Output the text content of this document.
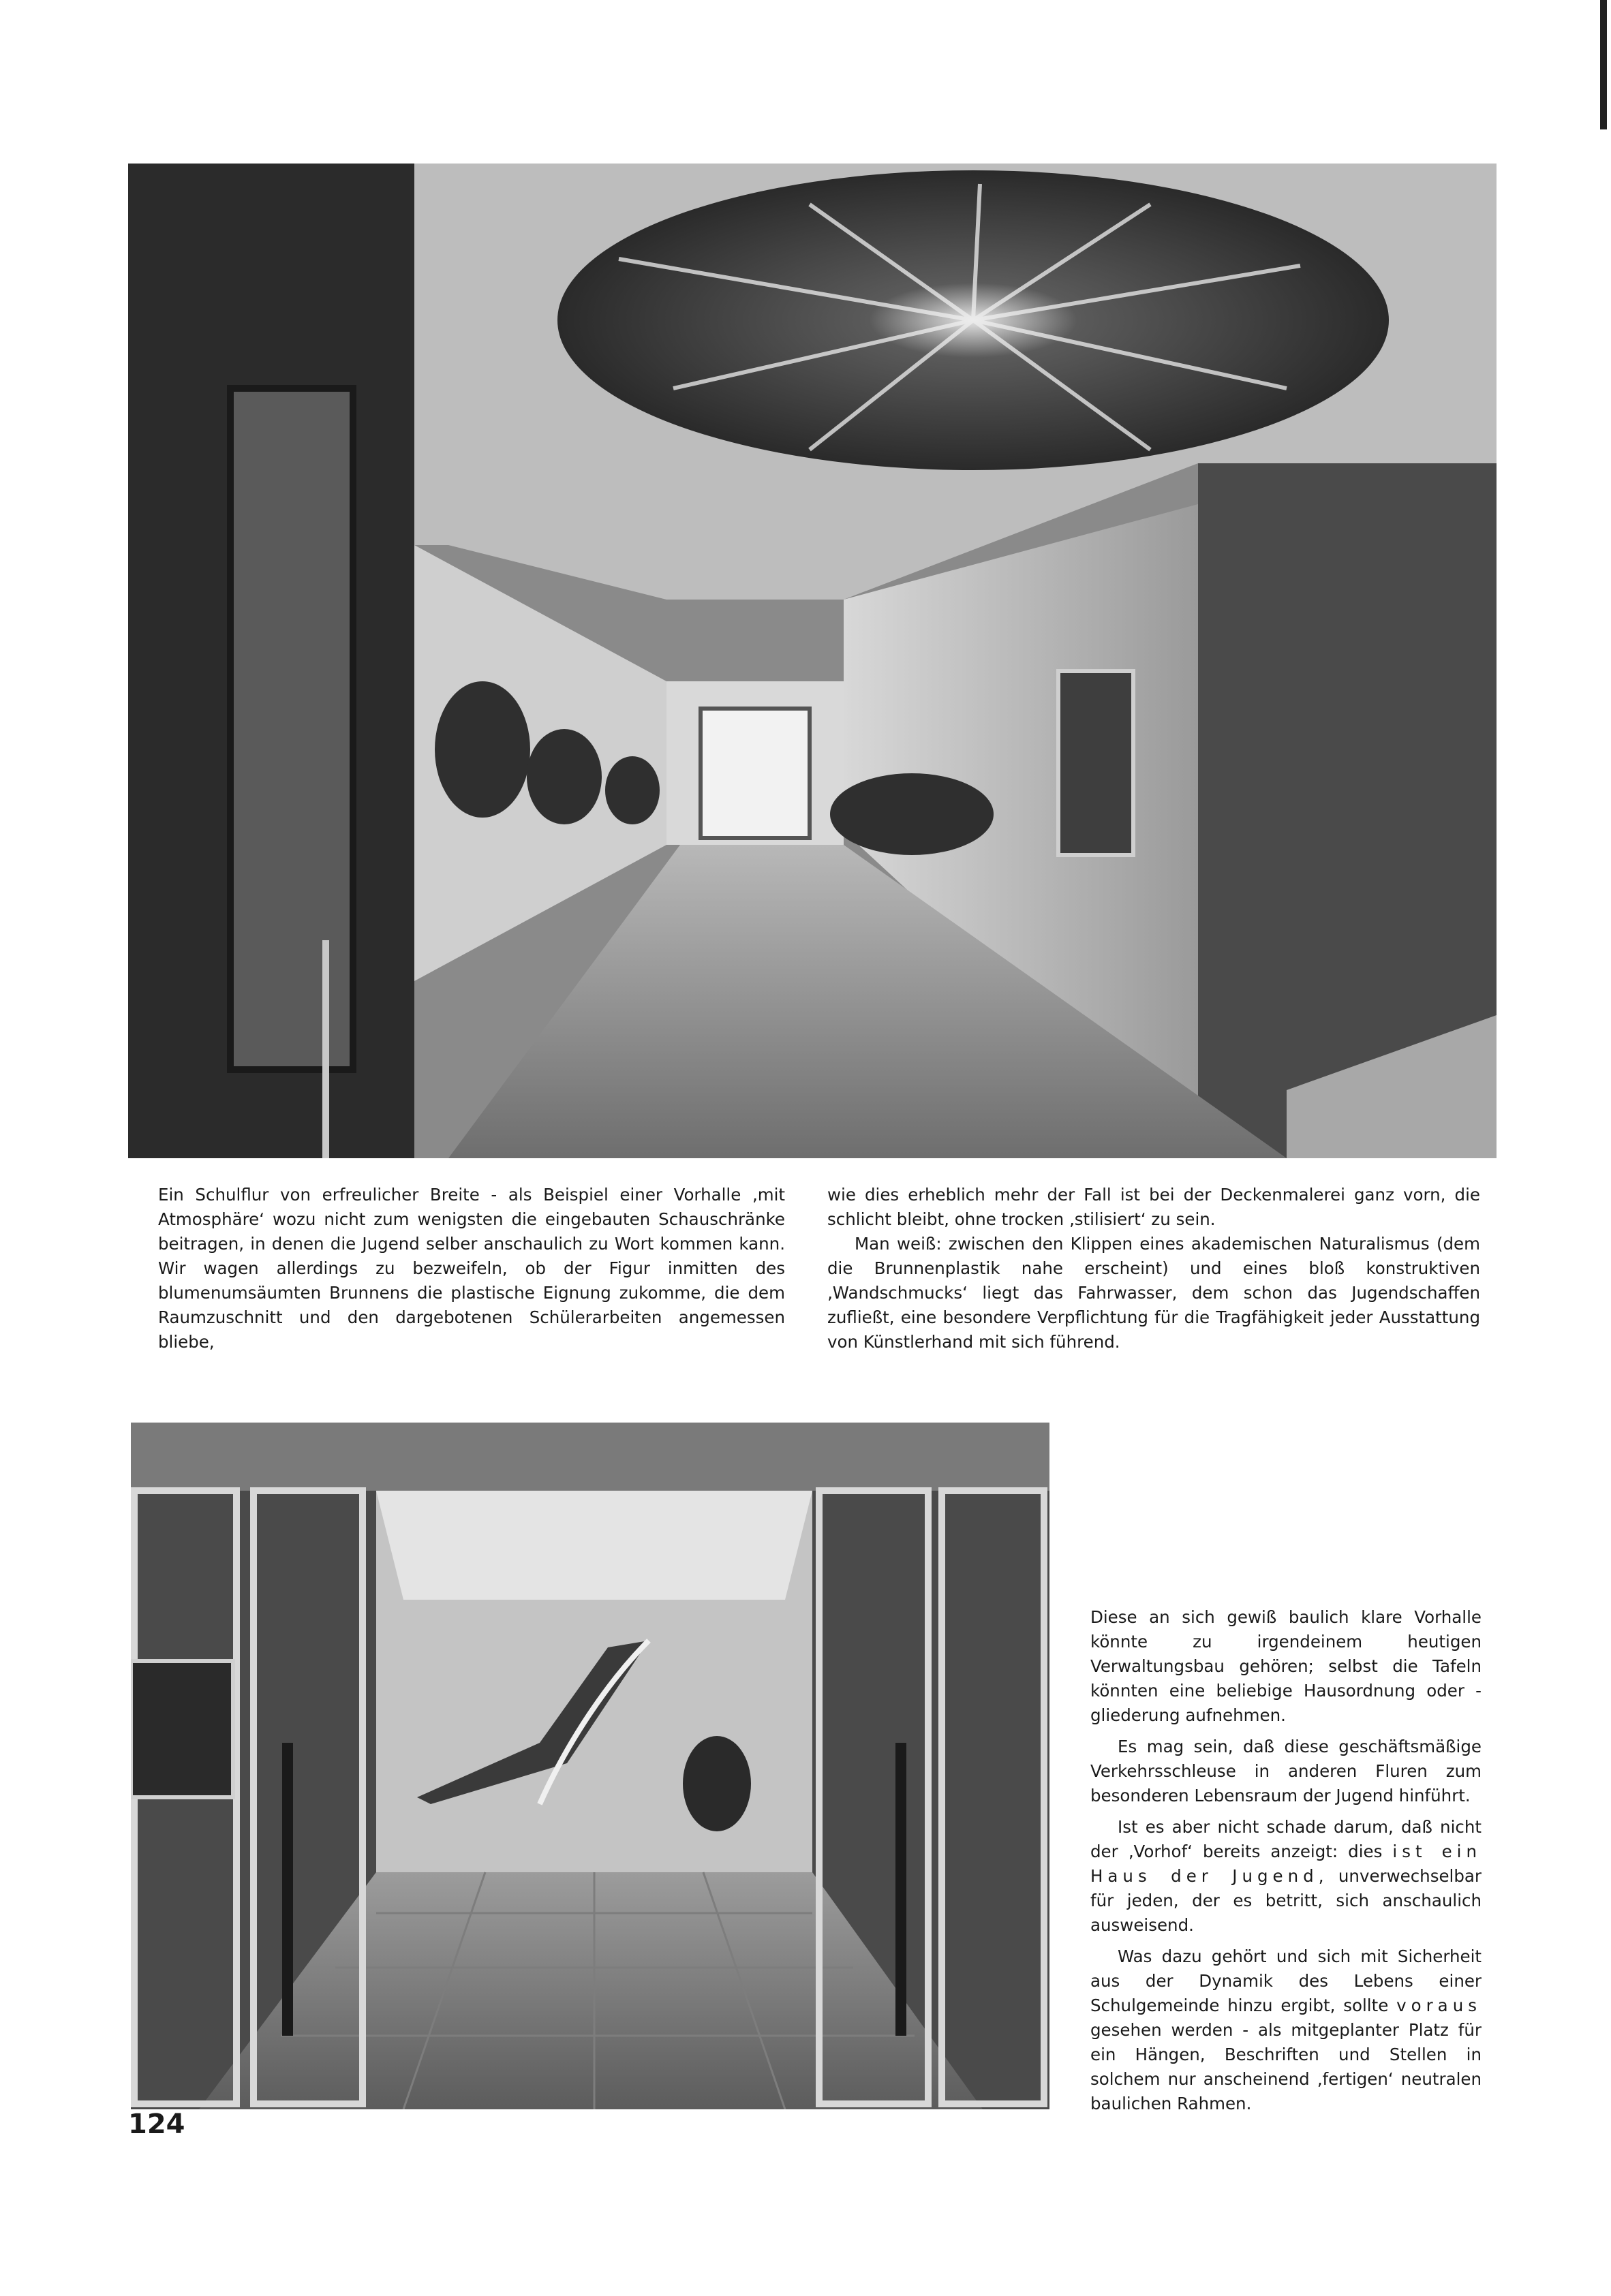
Ein Schulflur von erfreulicher Breite - als Beispiel einer Vorhalle ‚mit Atmosphäre‘ wozu nicht zum wenigsten die eingebauten Schauschränke beitragen, in denen die Jugend selber anschaulich zu Wort kommen kann. Wir wagen allerdings zu bezweifeln, ob der Figur inmitten des blumenumsäumten Brunnens die plastische Eignung zukomme, die dem Raumzuschnitt und den dargebotenen Schülerarbeiten angemessen bliebe,

wie dies erheblich mehr der Fall ist bei der Deckenmalerei ganz vorn, die schlicht bleibt, ohne trocken ‚stilisiert‘ zu sein.

Man weiß: zwischen den Klippen eines akademischen Naturalismus (dem die Brunnenplastik nahe erscheint) und eines bloß konstruktiven ‚Wandschmucks‘ liegt das Fahrwasser, dem schon das Jugendschaffen zufließt, eine besondere Verpflichtung für die Tragfähigkeit jeder Ausstattung von Künstlerhand mit sich führend.

Diese an sich gewiß baulich klare Vorhalle könnte zu irgendeinem heutigen Verwaltungsbau gehören; selbst die Tafeln könnten eine beliebige Hausordnung oder -gliederung aufnehmen.

Es mag sein, daß diese geschäftsmäßige Verkehrsschleuse in anderen Fluren zum besonderen Lebensraum der Jugend hinführt.

Ist es aber nicht schade darum, daß nicht der ‚Vorhof‘ bereits anzeigt: dies ist ein Haus der Jugend, unverwechselbar für jeden, der es betritt, sich anschaulich ausweisend.

Was dazu gehört und sich mit Sicherheit aus der Dynamik des Lebens einer Schulgemeinde hinzu ergibt, sollte voraus gesehen werden - als mitgeplanter Platz für ein Hängen, Beschriften und Stellen in solchem nur anscheinend ‚fertigen‘ neutralen baulichen Rahmen.

124
